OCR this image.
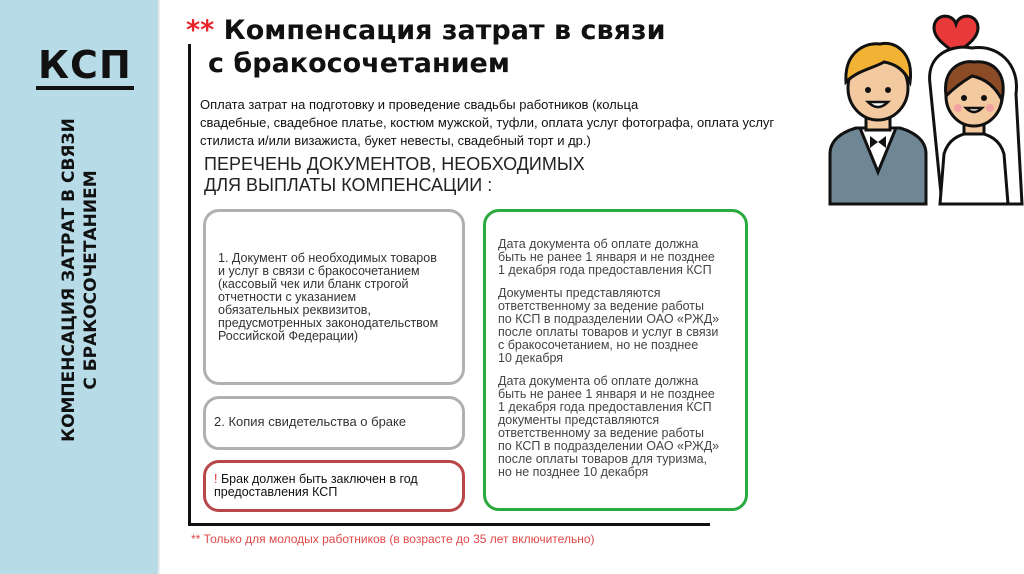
КСП
КОМПЕНСАЦИЯ ЗАТРАТ В СВЯЗИ С БРАКОСОЧЕТАНИЕМ
** Компенсация затрат в связи
с бракосочетанием
Оплата затрат на подготовку и проведение свадьбы работников (кольца
свадебные, свадебное платье, костюм мужской, туфли, оплата услуг фотографа, оплата услуг
стилиста и/или визажиста, букет невесты, свадебный торт и др.)
ПЕРЕЧЕНЬ ДОКУМЕНТОВ, НЕОБХОДИМЫХ
ДЛЯ ВЫПЛАТЫ КОМПЕНСАЦИИ :
1. Документ об необходимых товаров
и услуг в связи с бракосочетанием
(кассовый чек или бланк строгой
отчетности с указанием
обязательных реквизитов,
предусмотренных законодательством
Российской Федерации)
2. Копия свидетельства о браке
! Брак должен быть заключен в год
предоставления КСП

Дата документа об оплате должна
быть не ранее 1 января и не позднее
1 декабря года предоставления КСП

Документы представляются
ответственному за ведение работы
по КСП в подразделении ОАО «РЖД»
после оплаты товаров и услуг в связи
с бракосочетанием, но не позднее
10 декабря

Дата документа об оплате должна
быть не ранее 1 января и не позднее
1 декабря года предоставления КСП
документы представляются
ответственному за ведение работы
по КСП в подразделении ОАО «РЖД»
после оплаты товаров для туризма,
но не позднее 10 декабря

** Только для молодых работников (в возрасте до 35 лет включительно)
